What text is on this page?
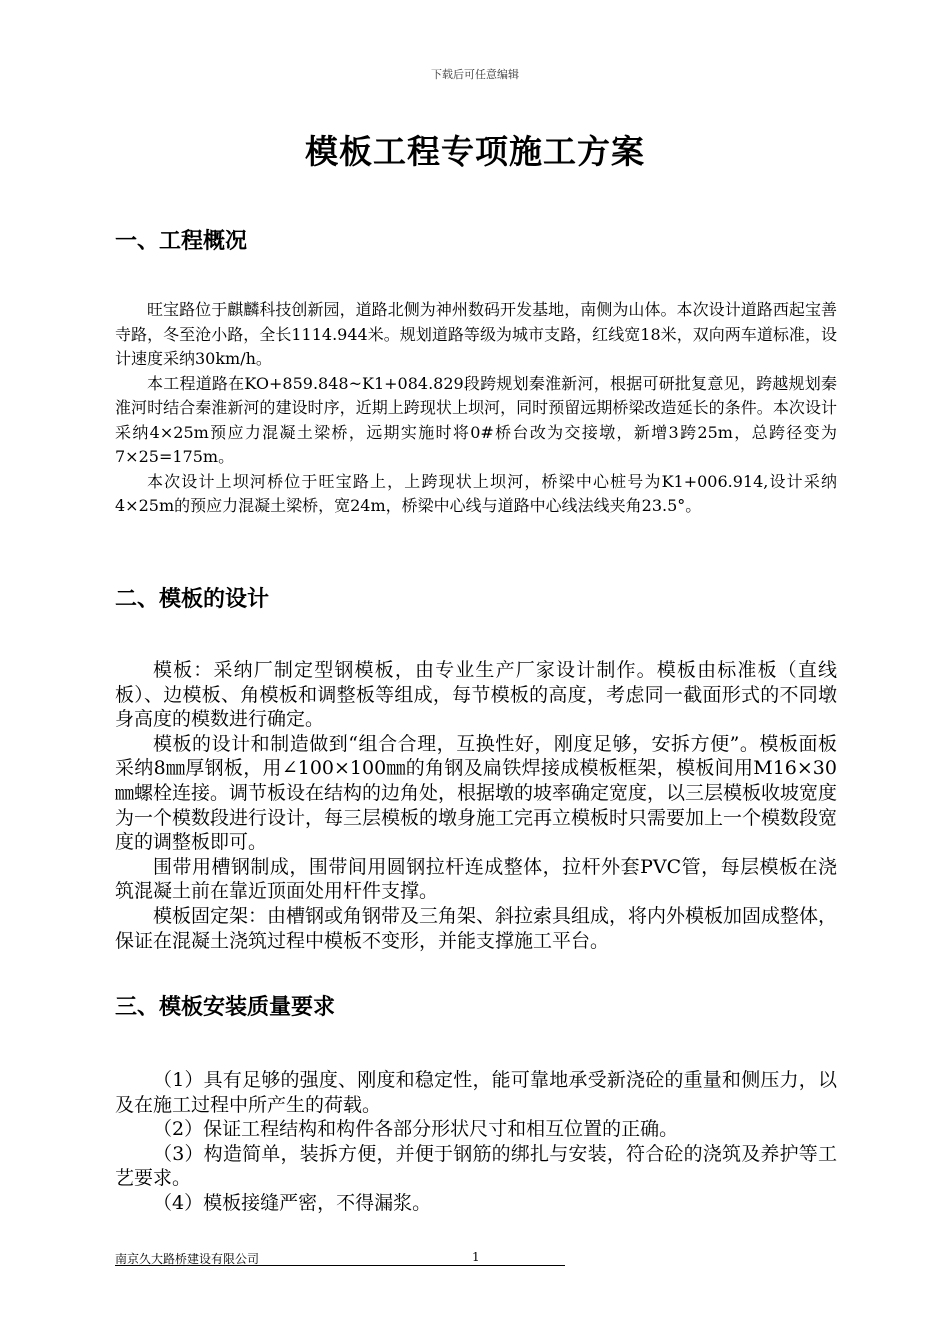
下载后可任意编辑
模板工程专项施工方案
一、工程概况

旺宝路位于麒麟科技创新园，道路北侧为神州数码开发基地，南侧为山体。本次设计道路西起宝善寺路，冬至沧小路，全长1114.944米。规划道路等级为城市支路，红线宽18米，双向两车道标准，设计速度采纳30km/h。

本工程道路在KO+859.848~K1+084.829段跨规划秦淮新河，根据可研批复意见，跨越规划秦淮河时结合秦淮新河的建设时序，近期上跨现状上坝河，同时预留远期桥梁改造延长的条件。本次设计采纳4×25m预应力混凝土梁桥，远期实施时将0#桥台改为交接墩，新增3跨25m，总跨径变为7×25=175m。

本次设计上坝河桥位于旺宝路上，上跨现状上坝河，桥梁中心桩号为K1+006.914,设计采纳4×25m的预应力混凝土梁桥，宽24m，桥梁中心线与道路中心线法线夹角23.5°。

二、模板的设计

模板：采纳厂制定型钢模板，由专业生产厂家设计制作。模板由标准板（直线板）、边模板、角模板和调整板等组成，每节模板的高度，考虑同一截面形式的不同墩身高度的模数进行确定。

模板的设计和制造做到“组合合理，互换性好，刚度足够，安拆方便”。模板面板采纳8㎜厚钢板，用∠100×100㎜的角钢及扁铁焊接成模板框架，模板间用M16×30㎜螺栓连接。调节板设在结构的边角处，根据墩的坡率确定宽度，以三层模板收坡宽度为一个模数段进行设计，每三层模板的墩身施工完再立模板时只需要加上一个模数段宽度的调整板即可。

围带用槽钢制成，围带间用圆钢拉杆连成整体，拉杆外套PVC管，每层模板在浇筑混凝土前在靠近顶面处用杆件支撑。

模板固定架：由槽钢或角钢带及三角架、斜拉索具组成，将内外模板加固成整体，保证在混凝土浇筑过程中模板不变形，并能支撑施工平台。

三、模板安装质量要求

（1）具有足够的强度、刚度和稳定性，能可靠地承受新浇砼的重量和侧压力，以及在施工过程中所产生的荷载。

（2）保证工程结构和构件各部分形状尺寸和相互位置的正确。

（3）构造简单，装拆方便，并便于钢筋的绑扎与安装，符合砼的浇筑及养护等工艺要求。

（4）模板接缝严密，不得漏浆。

南京久大路桥建设有限公司	1
